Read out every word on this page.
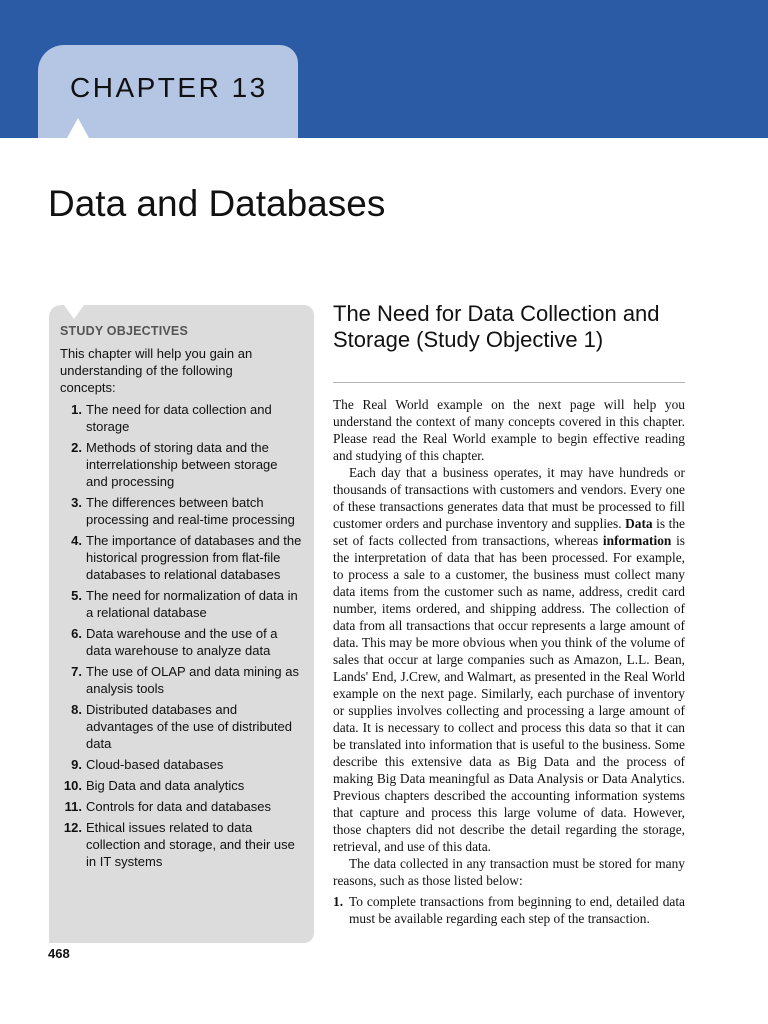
CHAPTER 13
Data and Databases
STUDY OBJECTIVES
This chapter will help you gain an understanding of the following concepts:
1. The need for data collection and storage
2. Methods of storing data and the interrelationship between storage and processing
3. The differences between batch processing and real-time processing
4. The importance of databases and the historical progression from flat-file databases to relational databases
5. The need for normalization of data in a relational database
6. Data warehouse and the use of a data warehouse to analyze data
7. The use of OLAP and data mining as analysis tools
8. Distributed databases and advantages of the use of distributed data
9. Cloud-based databases
10. Big Data and data analytics
11. Controls for data and databases
12. Ethical issues related to data collection and storage, and their use in IT systems
468
The Need for Data Collection and Storage (Study Objective 1)

The Real World example on the next page will help you understand the context of many concepts covered in this chapter. Please read the Real World example to begin effective reading and studying of this chapter.

Each day that a business operates, it may have hundreds or thousands of transactions with customers and vendors. Every one of these transactions generates data that must be processed to fill customer orders and purchase inventory and supplies. Data is the set of facts collected from transactions, whereas information is the interpretation of data that has been processed. For example, to process a sale to a customer, the business must collect many data items from the customer such as name, address, credit card number, items ordered, and shipping address. The collection of data from all transactions that occur represents a large amount of data. This may be more obvious when you think of the volume of sales that occur at large companies such as Amazon, L.L. Bean, Lands' End, J.Crew, and Walmart, as presented in the Real World example on the next page. Similarly, each purchase of inventory or supplies involves collecting and processing a large amount of data. It is necessary to collect and process this data so that it can be translated into information that is useful to the business. Some describe this extensive data as Big Data and the process of making Big Data meaningful as Data Analysis or Data Analytics. Previous chapters described the accounting information systems that capture and process this large volume of data. However, those chapters did not describe the detail regarding the storage, retrieval, and use of this data.

The data collected in any transaction must be stored for many reasons, such as those listed below:

1. To complete transactions from beginning to end, detailed data must be available regarding each step of the transaction.
